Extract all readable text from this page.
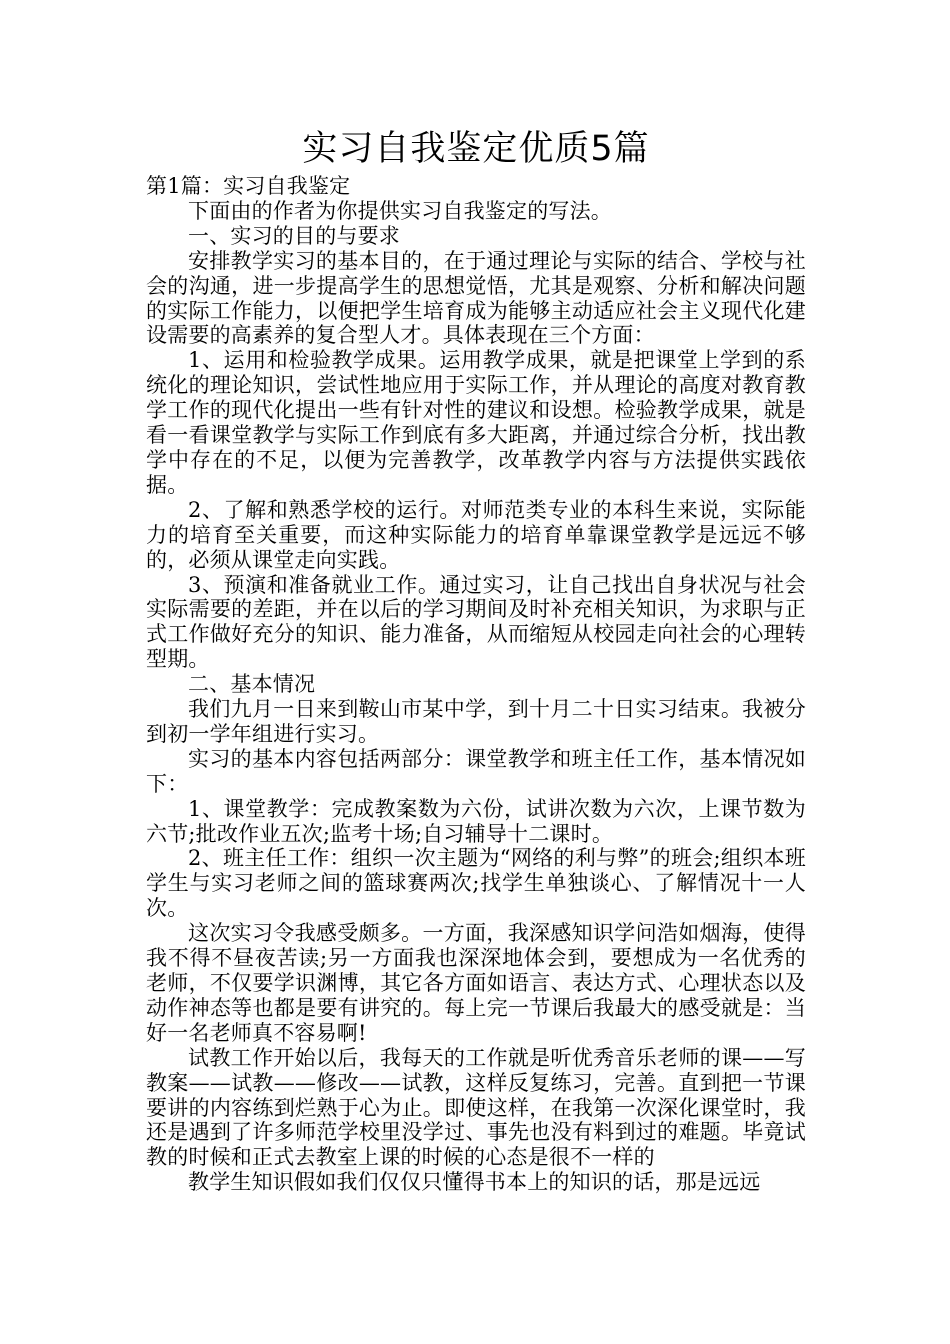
实习自我鉴定优质5篇

第1篇：实习自我鉴定

下面由的作者为你提供实习自我鉴定的写法。

一、实习的目的与要求

安排教学实习的基本目的，在于通过理论与实际的结合、学校与社会的沟通，进一步提高学生的思想觉悟，尤其是观察、分析和解决问题的实际工作能力，以便把学生培育成为能够主动适应社会主义现代化建设需要的高素养的复合型人才。具体表现在三个方面：

1、运用和检验教学成果。运用教学成果，就是把课堂上学到的系统化的理论知识，尝试性地应用于实际工作，并从理论的高度对教育教学工作的现代化提出一些有针对性的建议和设想。检验教学成果，就是看一看课堂教学与实际工作到底有多大距离，并通过综合分析，找出教学中存在的不足，以便为完善教学，改革教学内容与方法提供实践依据。

2、了解和熟悉学校的运行。对师范类专业的本科生来说，实际能力的培育至关重要，而这种实际能力的培育单靠课堂教学是远远不够的，必须从课堂走向实践。

3、预演和准备就业工作。通过实习，让自己找出自身状况与社会实际需要的差距，并在以后的学习期间及时补充相关知识，为求职与正式工作做好充分的知识、能力准备，从而缩短从校园走向社会的心理转型期。

二、基本情况

我们九月一日来到鞍山市某中学，到十月二十日实习结束。我被分到初一学年组进行实习。

实习的基本内容包括两部分：课堂教学和班主任工作，基本情况如下：

1、课堂教学：完成教案数为六份，试讲次数为六次，上课节数为六节;批改作业五次;监考十场;自习辅导十二课时。

2、班主任工作：组织一次主题为“网络的利与弊”的班会;组织本班学生与实习老师之间的篮球赛两次;找学生单独谈心、了解情况十一人次。

这次实习令我感受颇多。一方面，我深感知识学问浩如烟海，使得我不得不昼夜苦读;另一方面我也深深地体会到，要想成为一名优秀的老师，不仅要学识渊博，其它各方面如语言、表达方式、心理状态以及动作神态等也都是要有讲究的。每上完一节课后我最大的感受就是：当好一名老师真不容易啊!

试教工作开始以后，我每天的工作就是听优秀音乐老师的课——写教案——试教——修改——试教，这样反复练习，完善。直到把一节课要讲的内容练到烂熟于心为止。即使这样，在我第一次深化课堂时，我还是遇到了许多师范学校里没学过、事先也没有料到过的难题。毕竟试教的时候和正式去教室上课的时候的心态是很不一样的

教学生知识假如我们仅仅只懂得书本上的知识的话，那是远远
